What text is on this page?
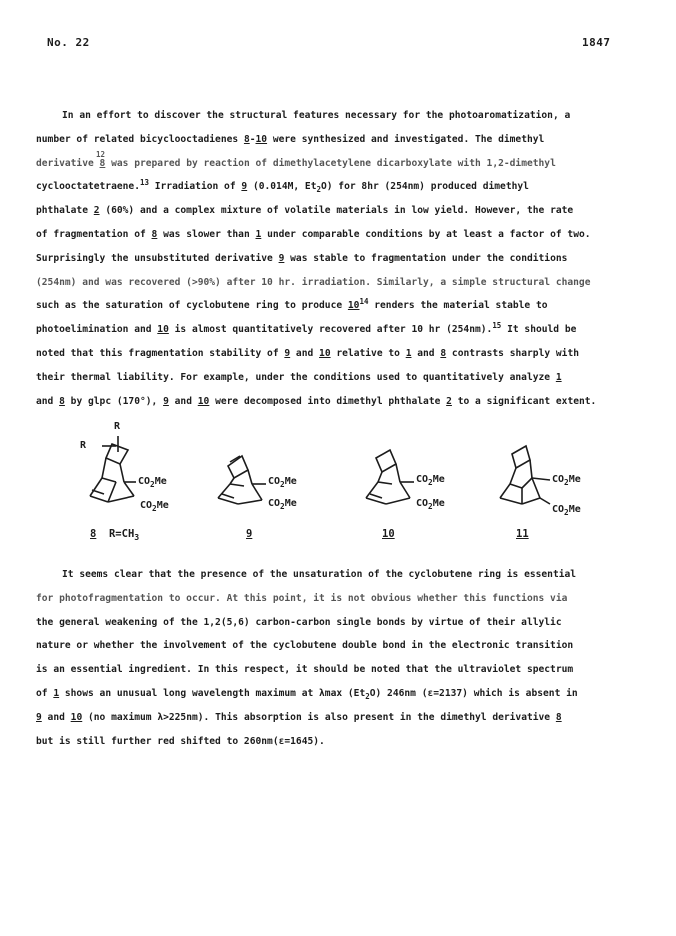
No. 22	1847
In an effort to discover the structural features necessary for the photoaromatization, a
number of related bicyclooctadienes 8-10 were synthesized and investigated. The dimethyl
12
derivative 8 was prepared by reaction of dimethylacetylene dicarboxylate with 1,2-dimethyl
cyclooctatetraene.$^{13}$ Irradiation of 9 (0.014M, $Et_2O$) for 8hr (254nm) produced dimethyl
phthalate 2 (60%) and a complex mixture of volatile materials in low yield. However, the rate
of fragmentation of 8 was slower than 1 under comparable conditions by at least a factor of two.
Surprisingly the unsubstituted derivative 9 was stable to fragmentation under the conditions
(254nm) and was recovered (>90%) after 10 hr. irradiation. Similarly, a simple structural change
such as the saturation of cyclobutene ring to produce $10^{14}$ renders the material stable to
photoelimination and 10 is almost quantitatively recovered after 10 hr (254nm).$^{15}$ It should be
noted that this fragmentation stability of 9 and 10 relative to 1 and 8 contrasts sharply with
their thermal liability. For example, under the conditions used to quantitatively analyze 1
and 8 by glpc (170°), 9 and 10 were decomposed into dimethyl phthalate 2 to a significant extent.
R
R
$CO_2Me$
$CO_2Me$
8 $R=CH_3$
$CO_2Me$
$CO_2Me$
9
$CO_2Me$
$CO_2Me$
10
$CO_2Me$
$CO_2Me$
11
It seems clear that the presence of the unsaturation of the cyclobutene ring is essential
for photofragmentation to occur. At this point, it is not obvious whether this functions via
the general weakening of the 1,2(5,6) carbon-carbon single bonds by virtue of their allylic
nature or whether the involvement of the cyclobutene double bond in the electronic transition
is an essential ingredient. In this respect, it should be noted that the ultraviolet spectrum
of 1 shows an unusual long wavelength maximum at λmax $(Et_2O)$ 246nm (ε=2137) which is absent in
9 and 10 (no maximum λ>225nm). This absorption is also present in the dimethyl derivative 8
but is still further red shifted to 260nm(ε=1645).
